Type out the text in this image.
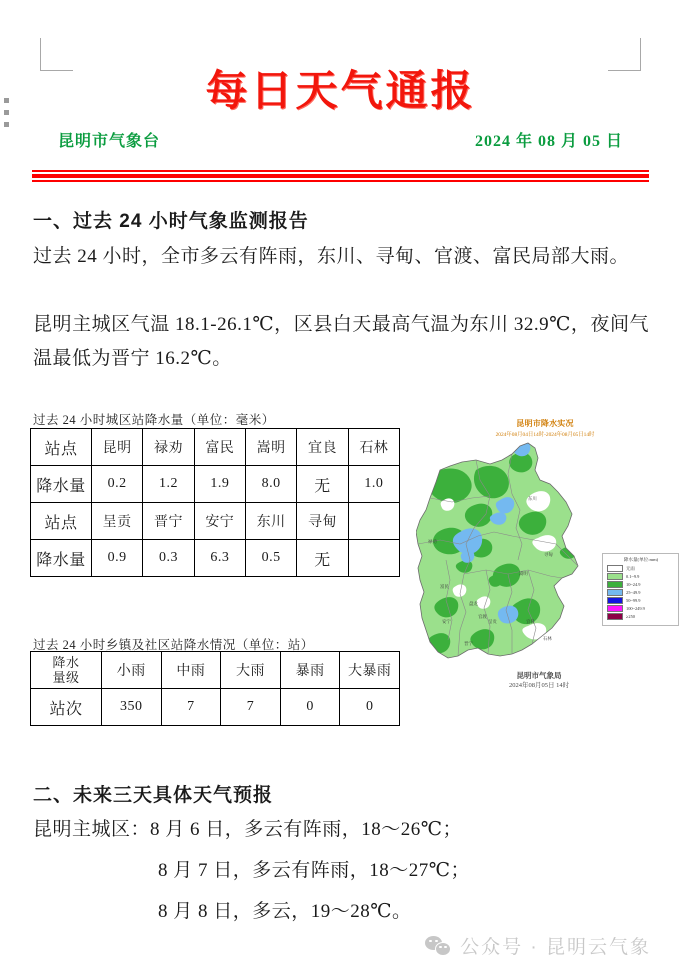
每日天气通报
昆明市气象台	2024 年 08 月 05 日
一、过去 24 小时气象监测报告
过去 24 小时，全市多云有阵雨，东川、寻甸、官渡、富民局部大雨。
昆明主城区气温 18.1-26.1℃，区县白天最高气温为东川 32.9℃，夜间气温最低为晋宁 16.2℃。
过去 24 小时城区站降水量（单位：毫米）
站点	昆明	禄劝	富民	嵩明	宜良	石林
降水量	0.2	1.2	1.9	8.0	无	1.0
站点	呈贡	晋宁	安宁	东川	寻甸	
降水量	0.9	0.3	6.3	0.5	无	
过去 24 小时乡镇及社区站降水情况（单位：站）
降水
量级	小雨	中雨	大雨	暴雨	大暴雨
站次	350	7	7	0	0
昆明市降水实况
2024年08月04日14时-2024年08月05日14时
东川
寻甸
禄劝
嵩明
富民
盘龙
官渡
安宁	呈贡	宜良
晋宁
石林
降水量(单位:mm)
无雨
0.1~9.9
10~24.9
25~49.9
50~99.9
100~249.9
≥250
昆明市气象局
2024年08月05日 14时
二、未来三天具体天气预报
昆明主城区：8 月 6 日，多云有阵雨，18～26℃；
8 月 7 日，多云有阵雨，18～27℃；
8 月 8 日，多云，19～28℃。
公众号 · 昆明云气象
